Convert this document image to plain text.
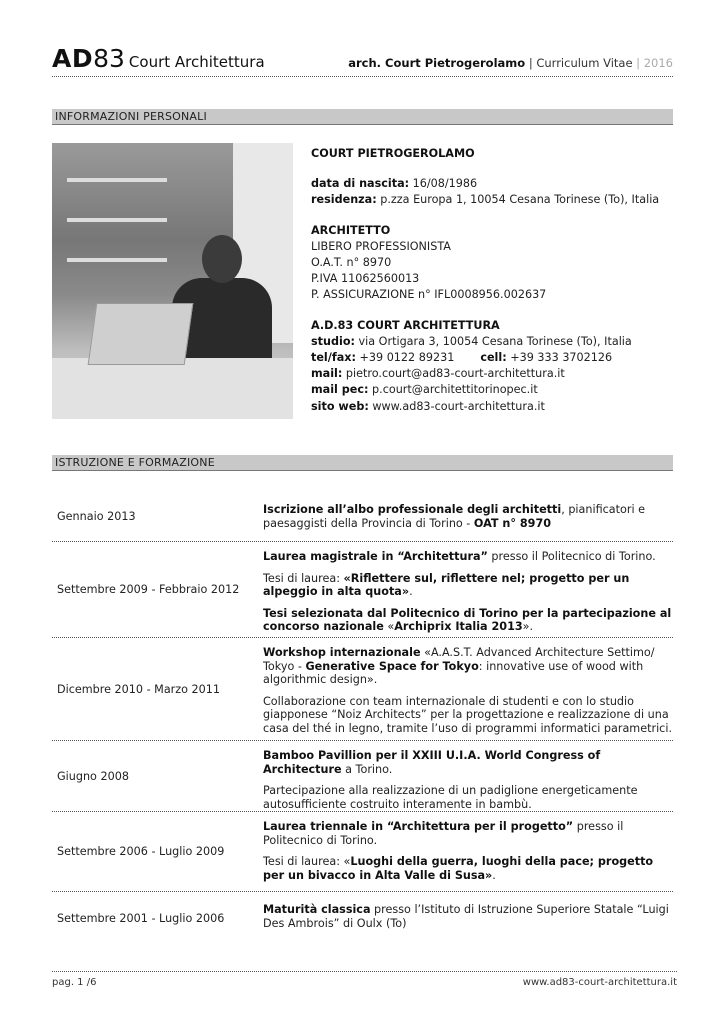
AD83 Court Architettura	arch. Court Pietrogerolamo | Curriculum Vitae | 2016
INFORMAZIONI PERSONALI
COURT PIETROGEROLAMO
data di nascita: 16/08/1986
residenza: p.zza Europa 1, 10054 Cesana Torinese (To), Italia
ARCHITETTO
LIBERO PROFESSIONISTA
O.A.T. n° 8970
P.IVA 11062560013
P. ASSICURAZIONE n° IFL0008956.002637
A.D.83 COURT ARCHITETTURA
studio: via Ortigara 3, 10054 Cesana Torinese (To), Italia
tel/fax: +39 0122 89231 cell: +39 333 3702126
mail: pietro.court@ad83-court-architettura.it
mail pec: p.court@architettitorinopec.it
sito web: www.ad83-court-architettura.it
ISTRUZIONE E FORMAZIONE
Gennaio 2013

Iscrizione all’albo professionale degli architetti, pianificatori e paesaggisti della Provincia di Torino - OAT n° 8970

Settembre 2009 - Febbraio 2012

Laurea magistrale in “Architettura” presso il Politecnico di Torino.

Tesi di laurea: «Riflettere sul, riflettere nel; progetto per un alpeggio in alta quota».

Tesi selezionata dal Politecnico di Torino per la partecipazione al concorso nazionale «Archiprix Italia 2013».

Dicembre 2010 - Marzo 2011

Workshop internazionale «A.A.S.T. Advanced Architecture Settimo/ Tokyo - Generative Space for Tokyo: innovative use of wood with algorithmic design».

Collaborazione con team internazionale di studenti e con lo studio giapponese “Noiz Architects” per la progettazione e realizzazione di una casa del thé in legno, tramite l’uso di programmi informatici parametrici.

Giugno 2008

Bamboo Pavillion per il XXIII U.I.A. World Congress of Architecture a Torino.

Partecipazione alla realizzazione di un padiglione energeticamente autosufficiente costruito interamente in bambù.

Settembre 2006 - Luglio 2009

Laurea triennale in “Architettura per il progetto” presso il Politecnico di Torino.

Tesi di laurea: «Luoghi della guerra, luoghi della pace; progetto per un bivacco in Alta Valle di Susa».

Settembre 2001 - Luglio 2006

Maturità classica presso l’Istituto di Istruzione Superiore Statale “Luigi Des Ambrois” di Oulx (To)

pag. 1 /6	www.ad83-court-architettura.it
